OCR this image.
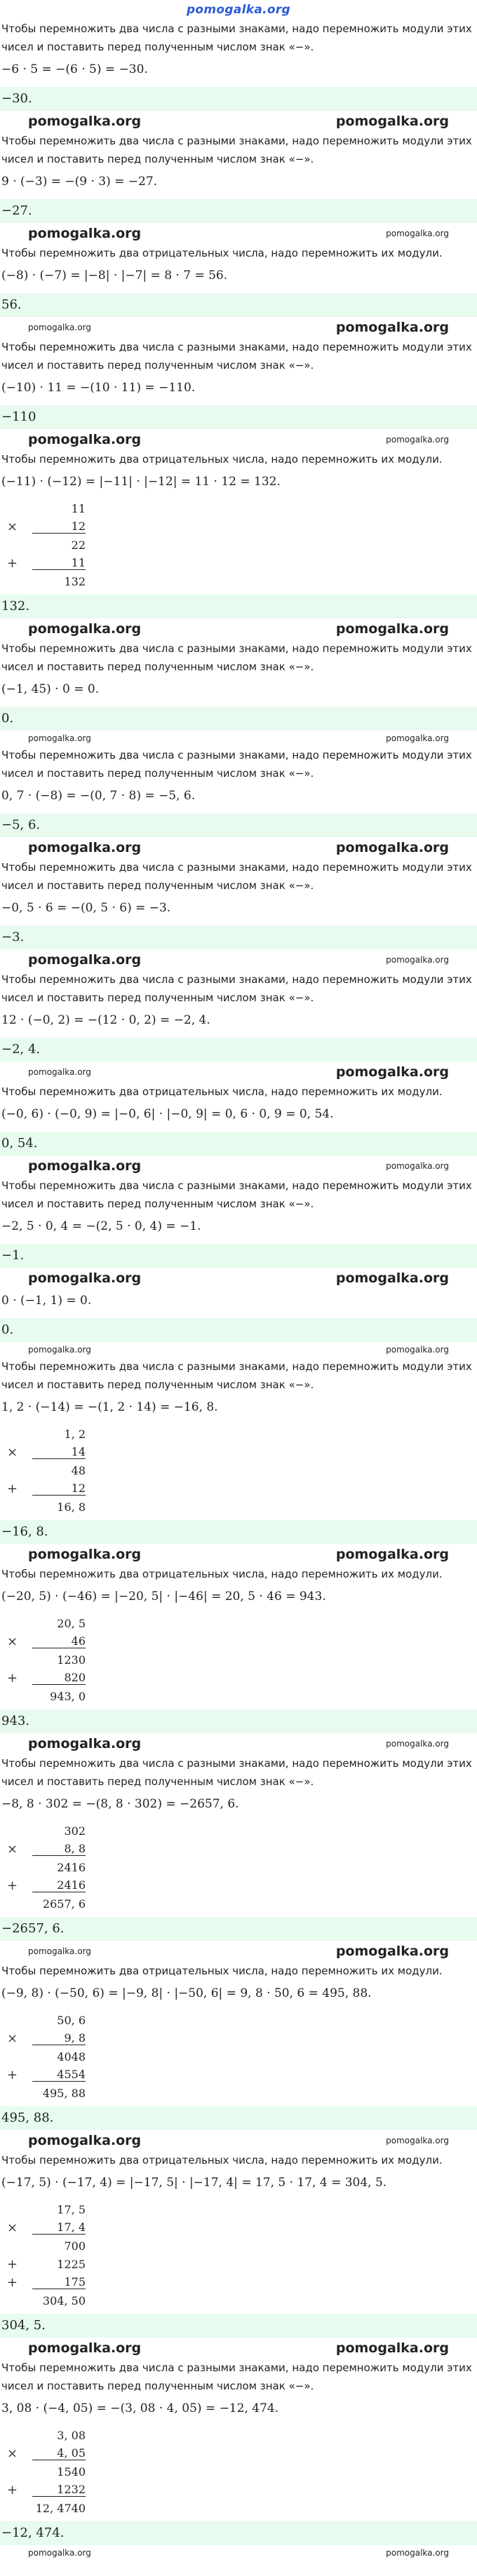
pomogalka.org
Чтобы перемножить два числа с разными знаками, надо перемножить модули этих чисел и поставить перед полученным числом знак «−».
−6 · 5 = −(6 · 5) = −30.
−30.
pomogalka.org	pomogalka.org
Чтобы перемножить два числа с разными знаками, надо перемножить модули этих чисел и поставить перед полученным числом знак «−».
9 · (−3) = −(9 · 3) = −27.
−27.
pomogalka.org	pomogalka.org
Чтобы перемножить два отрицательных числа, надо перемножить их модули.
(−8) · (−7) = |−8| · |−7| = 8 · 7 = 56.
56.
pomogalka.org	pomogalka.org
Чтобы перемножить два числа с разными знаками, надо перемножить модули этих чисел и поставить перед полученным числом знак «−».
(−10) · 11 = −(10 · 11) = −110.
−110
pomogalka.org	pomogalka.org
Чтобы перемножить два отрицательных числа, надо перемножить их модули.
(−11) · (−12) = |−11| · |−12| = 11 · 12 = 132.
11
×	12
22
+	11
132
132.
pomogalka.org	pomogalka.org
Чтобы перемножить два числа с разными знаками, надо перемножить модули этих чисел и поставить перед полученным числом знак «−».
(−1, 45) · 0 = 0.
0.
pomogalka.org	pomogalka.org
Чтобы перемножить два числа с разными знаками, надо перемножить модули этих чисел и поставить перед полученным числом знак «−».
0, 7 · (−8) = −(0, 7 · 8) = −5, 6.
−5, 6.
pomogalka.org	pomogalka.org
Чтобы перемножить два числа с разными знаками, надо перемножить модули этих чисел и поставить перед полученным числом знак «−».
−0, 5 · 6 = −(0, 5 · 6) = −3.
−3.
pomogalka.org	pomogalka.org
Чтобы перемножить два числа с разными знаками, надо перемножить модули этих чисел и поставить перед полученным числом знак «−».
12 · (−0, 2) = −(12 · 0, 2) = −2, 4.
−2, 4.
pomogalka.org	pomogalka.org
Чтобы перемножить два отрицательных числа, надо перемножить их модули.
(−0, 6) · (−0, 9) = |−0, 6| · |−0, 9| = 0, 6 · 0, 9 = 0, 54.
0, 54.
pomogalka.org	pomogalka.org
Чтобы перемножить два числа с разными знаками, надо перемножить модули этих чисел и поставить перед полученным числом знак «−».
−2, 5 · 0, 4 = −(2, 5 · 0, 4) = −1.
−1.
pomogalka.org	pomogalka.org
0 · (−1, 1) = 0.
0.
pomogalka.org	pomogalka.org
Чтобы перемножить два числа с разными знаками, надо перемножить модули этих чисел и поставить перед полученным числом знак «−».
1, 2 · (−14) = −(1, 2 · 14) = −16, 8.
1, 2
×	14
48
+	12
16, 8
−16, 8.
pomogalka.org	pomogalka.org
Чтобы перемножить два отрицательных числа, надо перемножить их модули.
(−20, 5) · (−46) = |−20, 5| · |−46| = 20, 5 · 46 = 943.
20, 5
×	46
1230
+	820
943, 0
943.
pomogalka.org	pomogalka.org
Чтобы перемножить два числа с разными знаками, надо перемножить модули этих чисел и поставить перед полученным числом знак «−».
−8, 8 · 302 = −(8, 8 · 302) = −2657, 6.
302
×	8, 8
2416
+	2416
2657, 6
−2657, 6.
pomogalka.org	pomogalka.org
Чтобы перемножить два отрицательных числа, надо перемножить их модули.
(−9, 8) · (−50, 6) = |−9, 8| · |−50, 6| = 9, 8 · 50, 6 = 495, 88.
50, 6
×	9, 8
4048
+	4554
495, 88
495, 88.
pomogalka.org	pomogalka.org
Чтобы перемножить два отрицательных числа, надо перемножить их модули.
(−17, 5) · (−17, 4) = |−17, 5| · |−17, 4| = 17, 5 · 17, 4 = 304, 5.
17, 5
×	17, 4
700
+	1225
+	175
304, 50
304, 5.
pomogalka.org	pomogalka.org
Чтобы перемножить два числа с разными знаками, надо перемножить модули этих чисел и поставить перед полученным числом знак «−».
3, 08 · (−4, 05) = −(3, 08 · 4, 05) = −12, 474.
3, 08
×	4, 05
1540
+	1232
12, 4740
−12, 474.
pomogalka.org	pomogalka.org
